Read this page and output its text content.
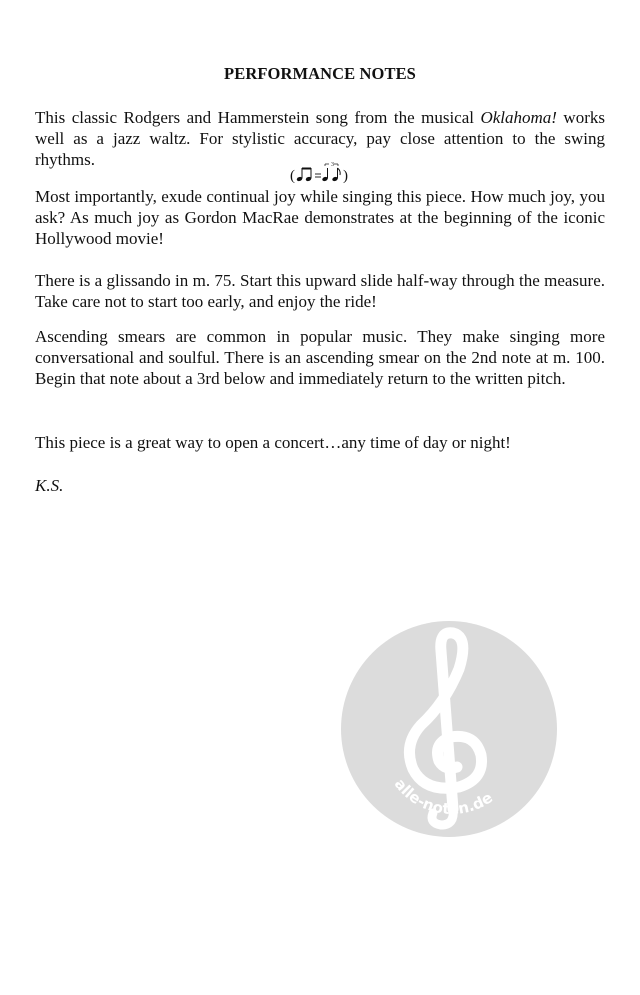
PERFORMANCE NOTES

This classic Rodgers and Hammerstein song from the musical Oklahoma! works well as a jazz waltz. For stylistic accuracy, pay close attention to the swing rhythms.

(
3
)

Most importantly, exude continual joy while singing this piece. How much joy, you ask? As much joy as Gordon MacRae demonstrates at the beginning of the iconic Hollywood movie!

There is a glissando in m. 75. Start this upward slide half-way through the measure. Take care not to start too early, and enjoy the ride!

Ascending smears are common in popular music. They make singing more conversational and soulful. There is an ascending smear on the 2nd note at m. 100. Begin that note about a 3rd below and immediately return to the written pitch.

This piece is a great way to open a concert…any time of day or night!

K.S.
alle-noten.de
